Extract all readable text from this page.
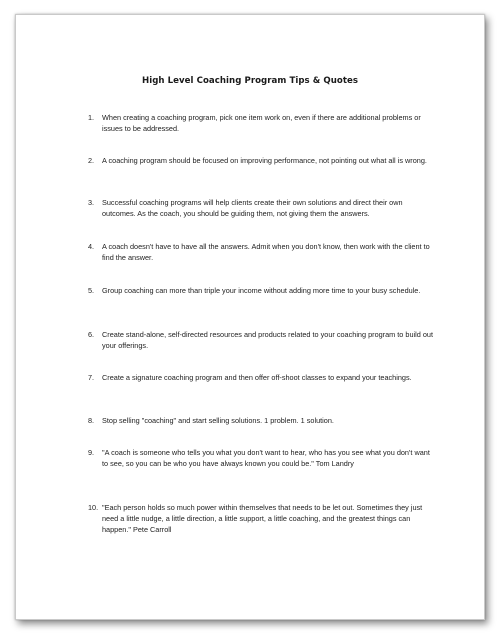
High Level Coaching Program Tips & Quotes
1. When creating a coaching program, pick one item work on, even if there are additional problems or issues to be addressed.
2. A coaching program should be focused on improving performance, not pointing out what all is wrong.
3. Successful coaching programs will help clients create their own solutions and direct their own outcomes. As the coach, you should be guiding them, not giving them the answers.
4. A coach doesn't have to have all the answers. Admit when you don't know, then work with the client to find the answer.
5. Group coaching can more than triple your income without adding more time to your busy schedule.
6. Create stand-alone, self-directed resources and products related to your coaching program to build out your offerings.
7. Create a signature coaching program and then offer off-shoot classes to expand your teachings.
8. Stop selling "coaching" and start selling solutions. 1 problem. 1 solution.
9. "A coach is someone who tells you what you don't want to hear, who has you see what you don't want to see, so you can be who you have always known you could be." Tom Landry
10. "Each person holds so much power within themselves that needs to be let out. Sometimes they just need a little nudge, a little direction, a little support, a little coaching, and the greatest things can happen." Pete Carroll
